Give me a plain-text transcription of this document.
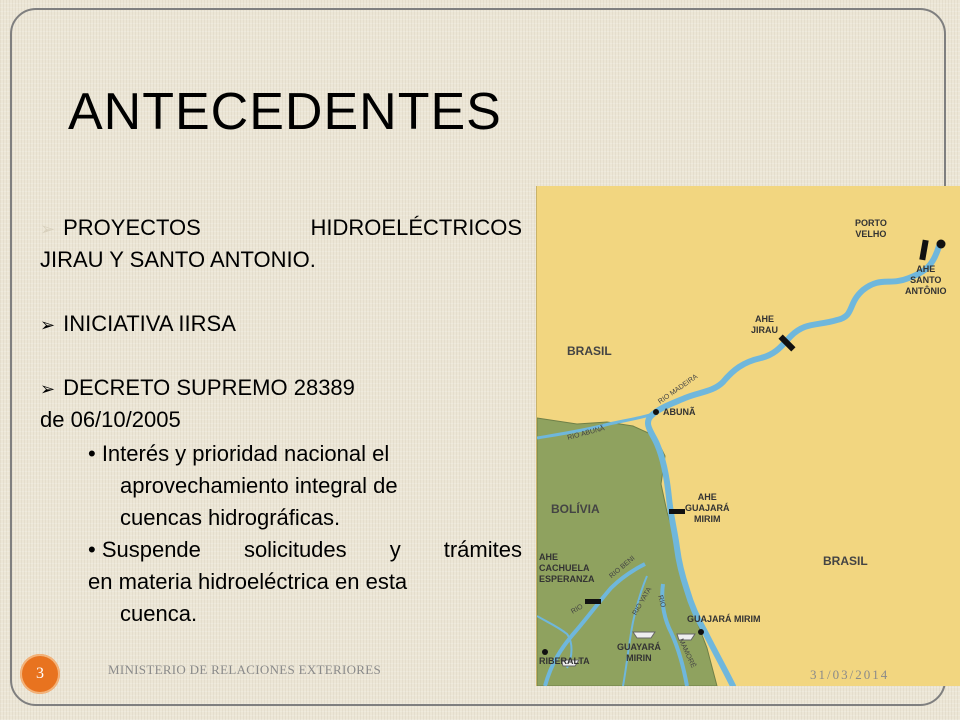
ANTECEDENTES
➢ PROYECTOS	HIDROELÉCTRICOS
JIRAU Y SANTO ANTONIO.
➢ INICIATIVA IIRSA
➢ DECRETO SUPREMO 28389
de 06/10/2005
• Interés y prioridad nacional el
aprovechamiento integral de
cuencas hidrográficas.
• Suspende solicitudes y trámites
en materia hidroeléctrica en esta
cuenca.
PORTO
VELHO
AHE
SANTO
ANTÔNIO
AHE
JIRAU
BRASIL
RIO MADEIRA
ABUNÃ
RIO ABUNÃ
BOLÍVIA
AHE
GUAJARÁ
MIRIM
BRASIL
AHE
CACHUELA
ESPERANZA RIO BENI
RIO YATA RIO
MAMORÉ
RIO
GUAJARÁ MIRIM
RIBERALTA
GUAYARÁ
MIRIN
MINISTERIO DE RELACIONES EXTERIORES	31/03/2014
3
